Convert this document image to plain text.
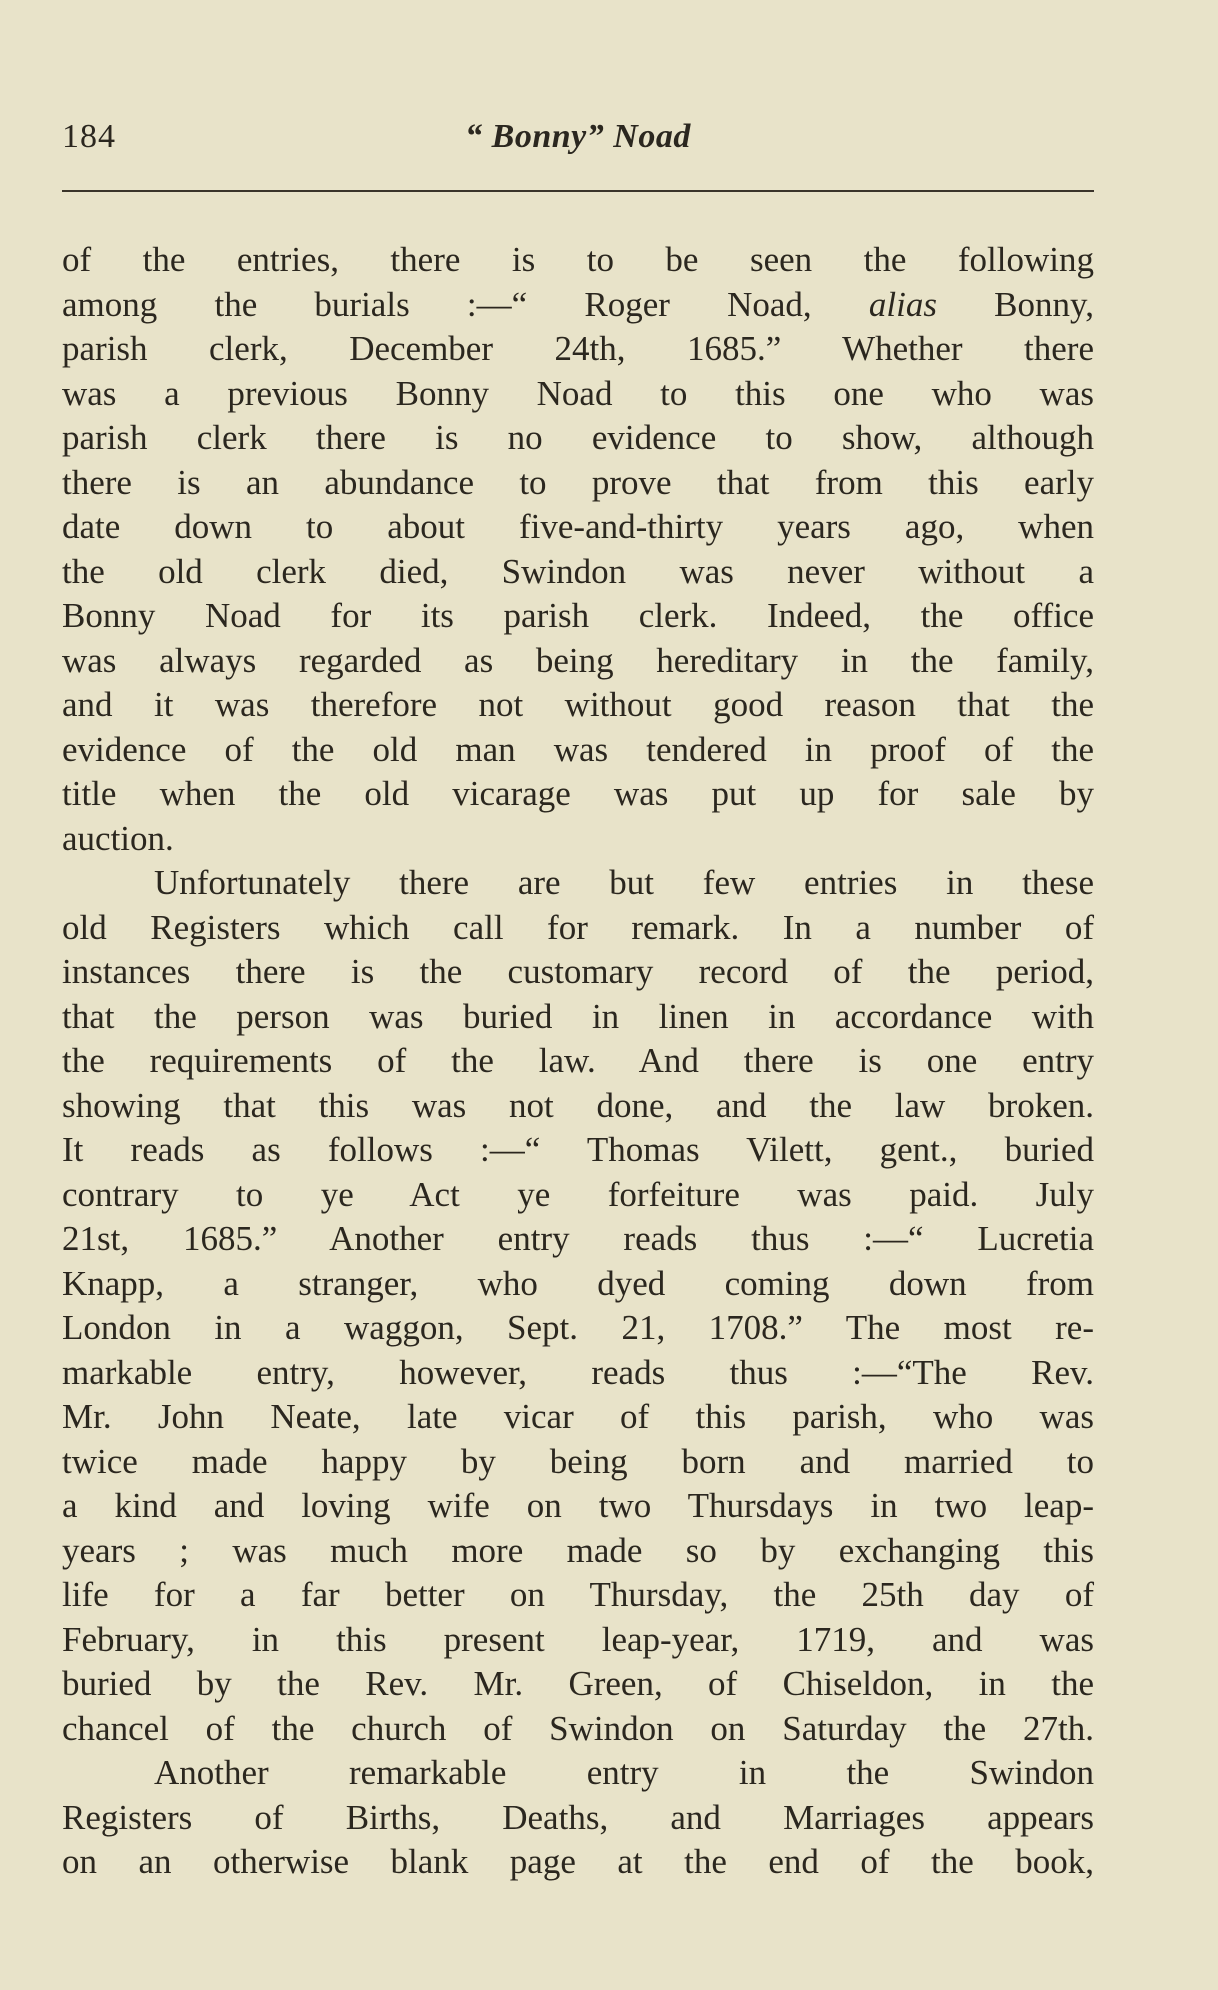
184	“ Bonny” Noad
of the entries, there is to be seen the following
among the burials :—“ Roger Noad, alias Bonny,
parish clerk, December 24th, 1685.” Whether there
was a previous Bonny Noad to this one who was
parish clerk there is no evidence to show, although
there is an abundance to prove that from this early
date down to about five-and-thirty years ago, when
the old clerk died, Swindon was never without a
Bonny Noad for its parish clerk. Indeed, the office
was always regarded as being hereditary in the family,
and it was therefore not without good reason that the
evidence of the old man was tendered in proof of the
title when the old vicarage was put up for sale by
auction.
Unfortunately there are but few entries in these
old Registers which call for remark. In a number of
instances there is the customary record of the period,
that the person was buried in linen in accordance with
the requirements of the law. And there is one entry
showing that this was not done, and the law broken.
It reads as follows :—“ Thomas Vilett, gent., buried
contrary to ye Act ye forfeiture was paid. July
21st, 1685.” Another entry reads thus :—“ Lucretia
Knapp, a stranger, who dyed coming down from
London in a waggon, Sept. 21, 1708.” The most re-
markable entry, however, reads thus :—“The Rev.
Mr. John Neate, late vicar of this parish, who was
twice made happy by being born and married to
a kind and loving wife on two Thursdays in two leap-
years ; was much more made so by exchanging this
life for a far better on Thursday, the 25th day of
February, in this present leap-year, 1719, and was
buried by the Rev. Mr. Green, of Chiseldon, in the
chancel of the church of Swindon on Saturday the 27th.
Another remarkable entry in the Swindon
Registers of Births, Deaths, and Marriages appears
on an otherwise blank page at the end of the book,
